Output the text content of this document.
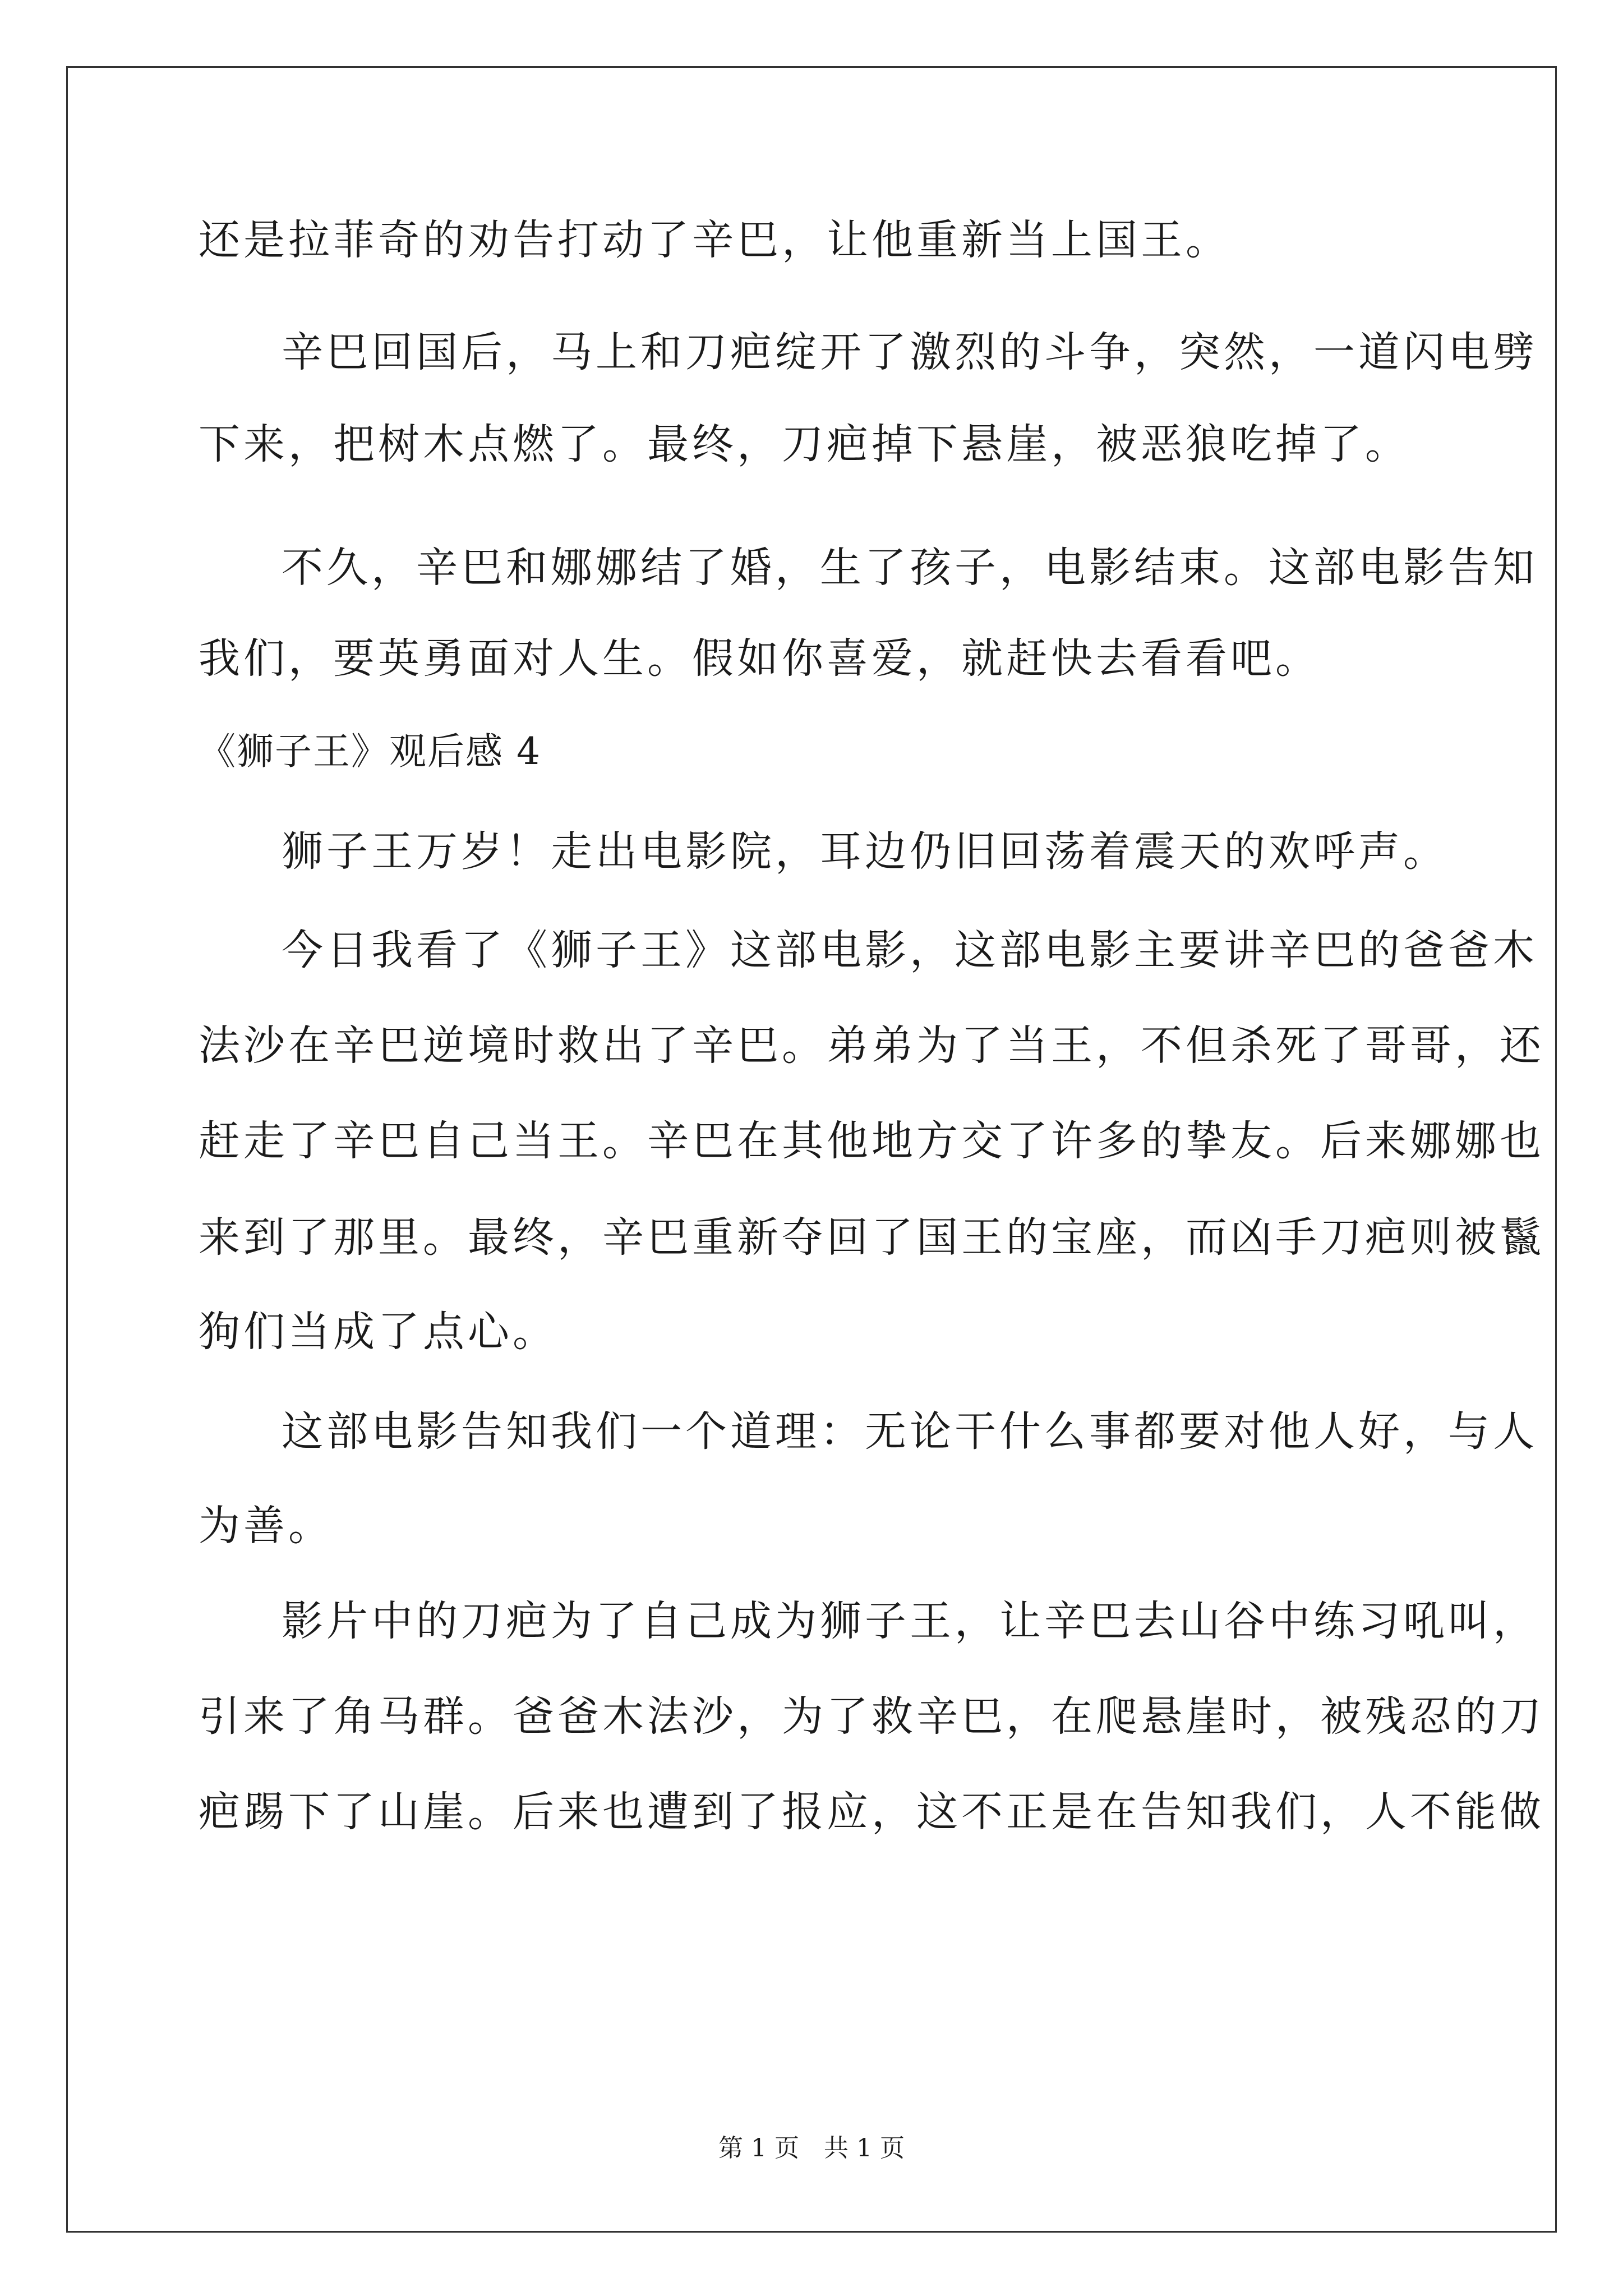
还是拉菲奇的劝告打动了辛巴，让他重新当上国王。
辛巴回国后，马上和刀疤绽开了激烈的斗争，突然，一道闪电劈
下来，把树木点燃了。最终，刀疤掉下悬崖，被恶狼吃掉了。
不久，辛巴和娜娜结了婚，生了孩子，电影结束。这部电影告知
我们，要英勇面对人生。假如你喜爱，就赶快去看看吧。
《狮子王》观后感 4
狮子王万岁！走出电影院，耳边仍旧回荡着震天的欢呼声。
今日我看了《狮子王》这部电影，这部电影主要讲辛巴的爸爸木
法沙在辛巴逆境时救出了辛巴。弟弟为了当王，不但杀死了哥哥，还
赶走了辛巴自己当王。辛巴在其他地方交了许多的挚友。后来娜娜也
来到了那里。最终，辛巴重新夺回了国王的宝座，而凶手刀疤则被鬣
狗们当成了点心。
这部电影告知我们一个道理：无论干什么事都要对他人好，与人
为善。
影片中的刀疤为了自己成为狮子王，让辛巴去山谷中练习吼叫，
引来了角马群。爸爸木法沙，为了救辛巴，在爬悬崖时，被残忍的刀
疤踢下了山崖。后来也遭到了报应，这不正是在告知我们，人不能做
第 1 页　共 1 页
